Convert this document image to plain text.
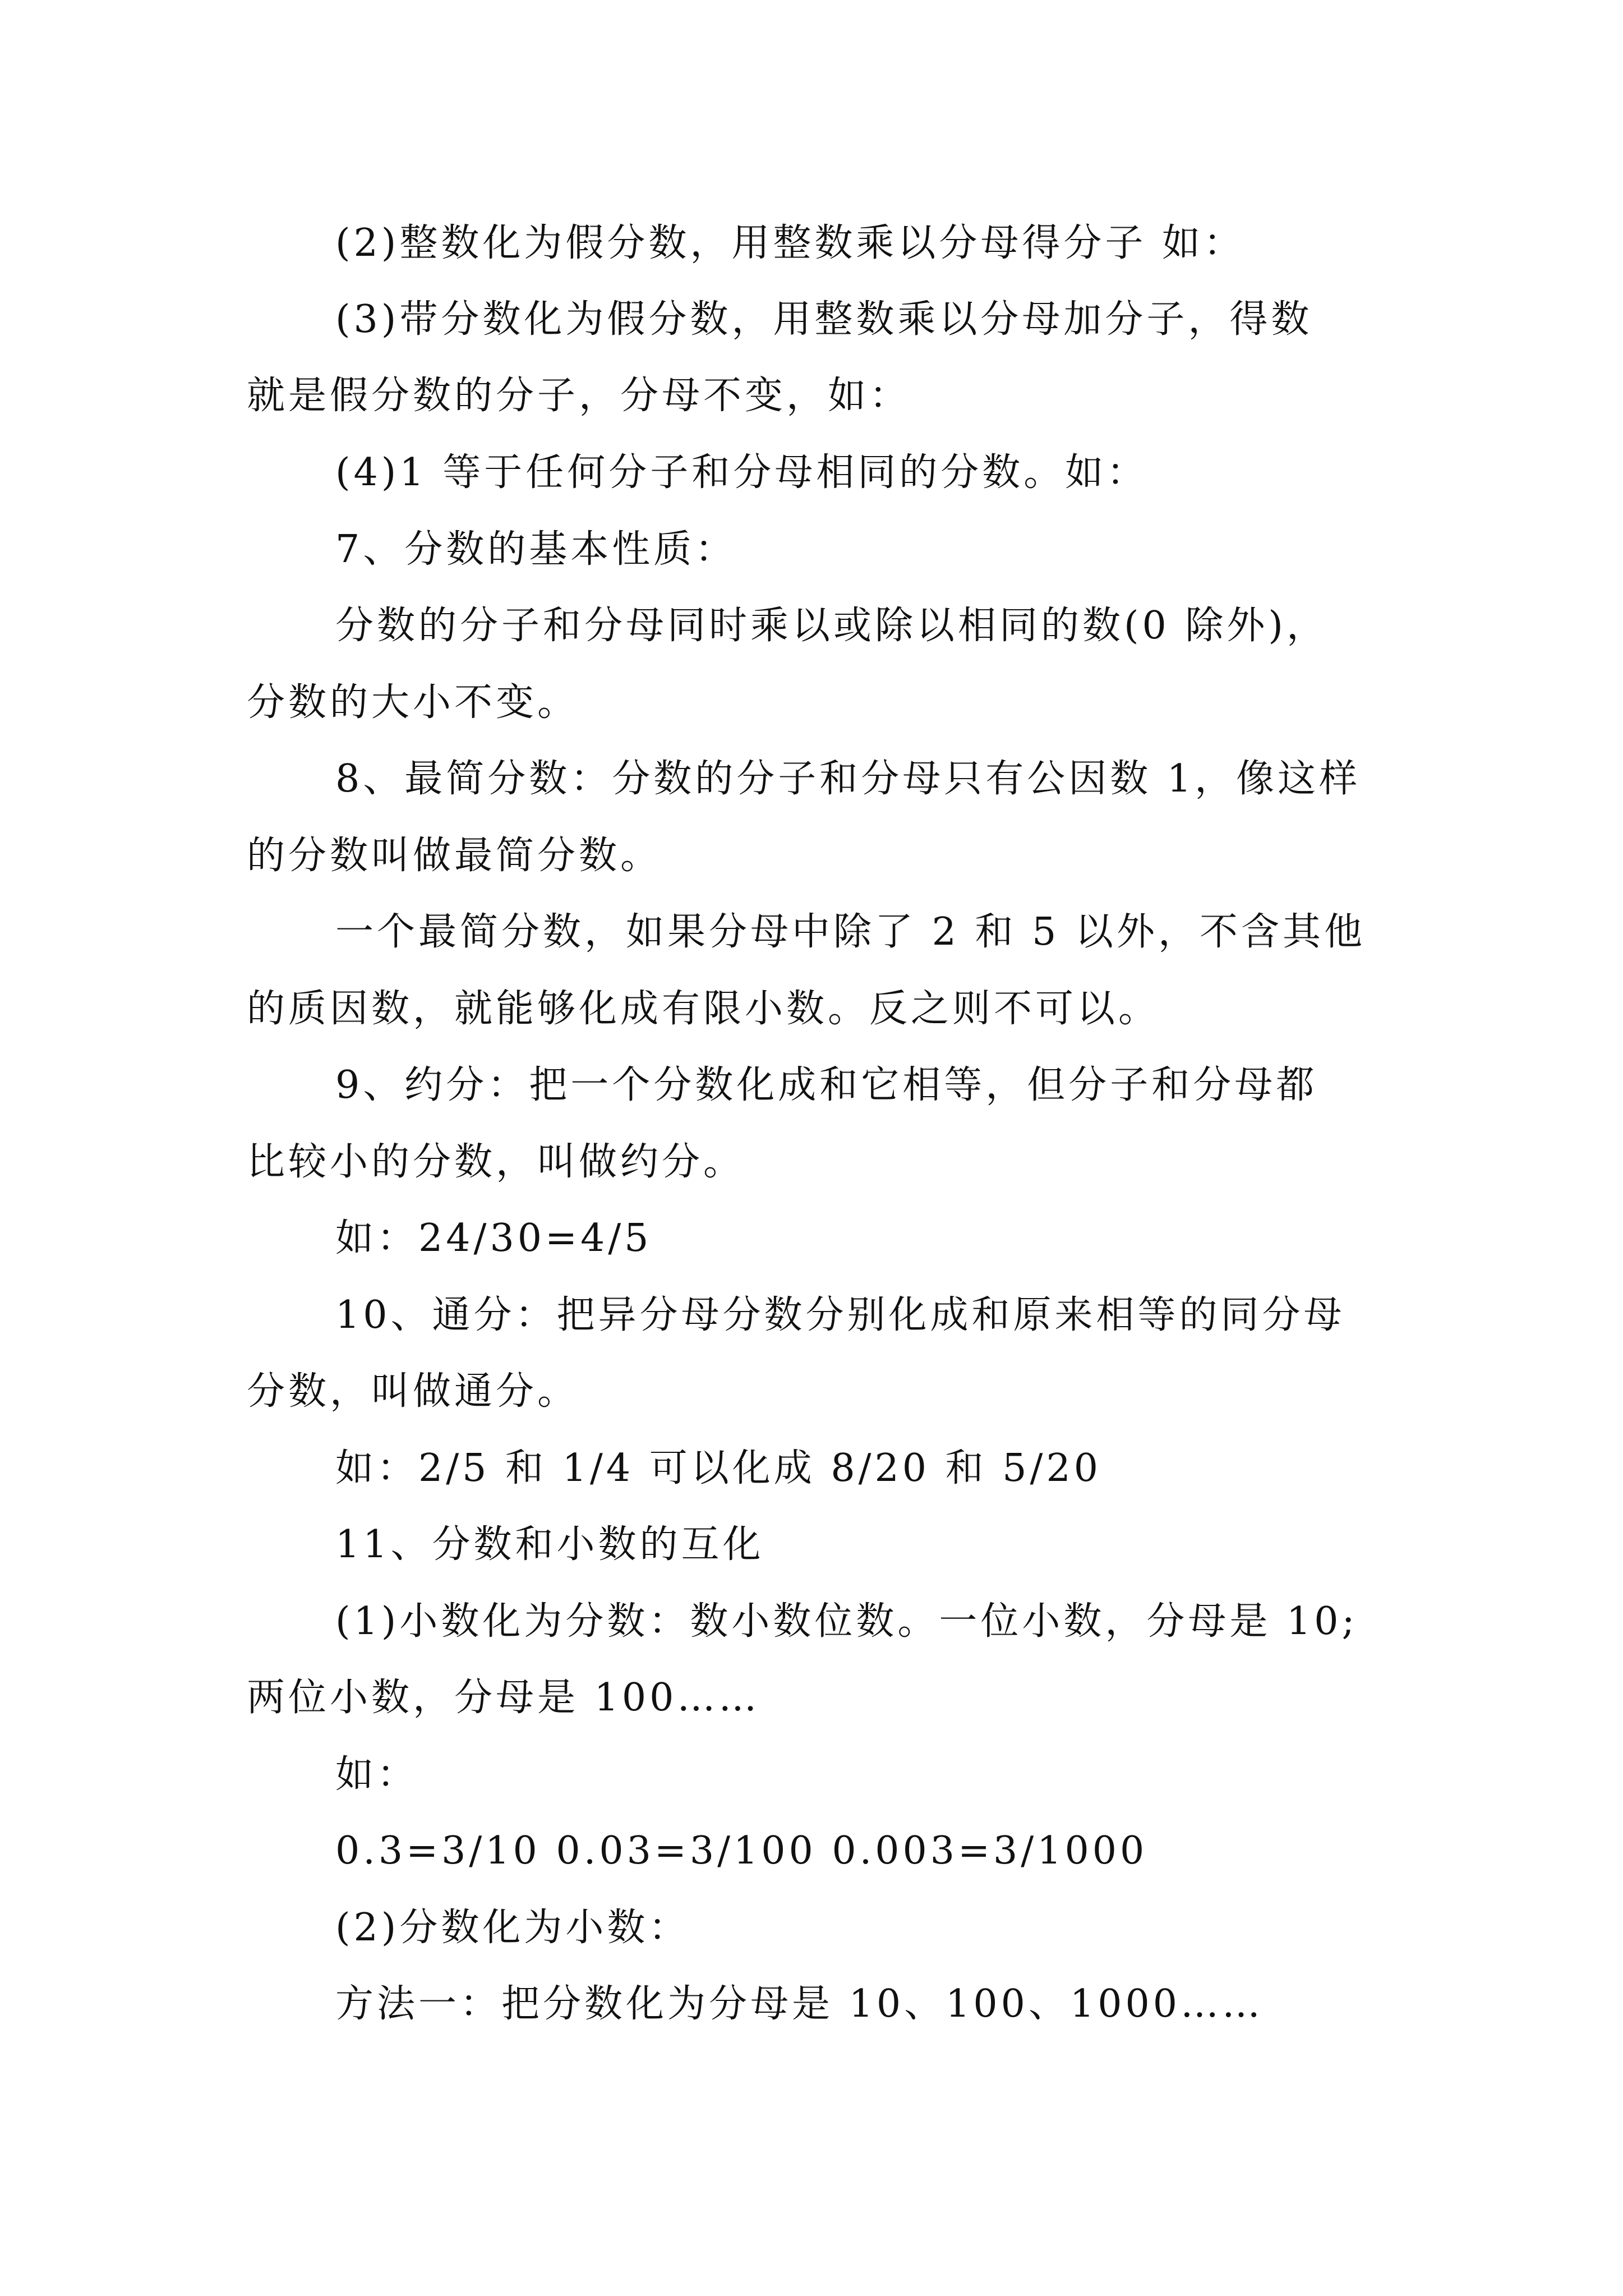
(2)整数化为假分数，用整数乘以分母得分子 如：
(3)带分数化为假分数，用整数乘以分母加分子，得数
就是假分数的分子，分母不变，如：
(4)1 等于任何分子和分母相同的分数。如：
7、分数的基本性质：
分数的分子和分母同时乘以或除以相同的数(0 除外)，
分数的大小不变。
8、最简分数：分数的分子和分母只有公因数 1，像这样
的分数叫做最简分数。
一个最简分数，如果分母中除了 2 和 5 以外，不含其他
的质因数，就能够化成有限小数。反之则不可以。
9、约分：把一个分数化成和它相等，但分子和分母都
比较小的分数，叫做约分。
如：24/30=4/5
10、通分：把异分母分数分别化成和原来相等的同分母
分数，叫做通分。
如：2/5 和 1/4 可以化成 8/20 和 5/20
11、分数和小数的互化
(1)小数化为分数：数小数位数。一位小数，分母是 10;
两位小数，分母是 100……
如：
0.3=3/10 0.03=3/100 0.003=3/1000
(2)分数化为小数：
方法一：把分数化为分母是 10、100、1000……
